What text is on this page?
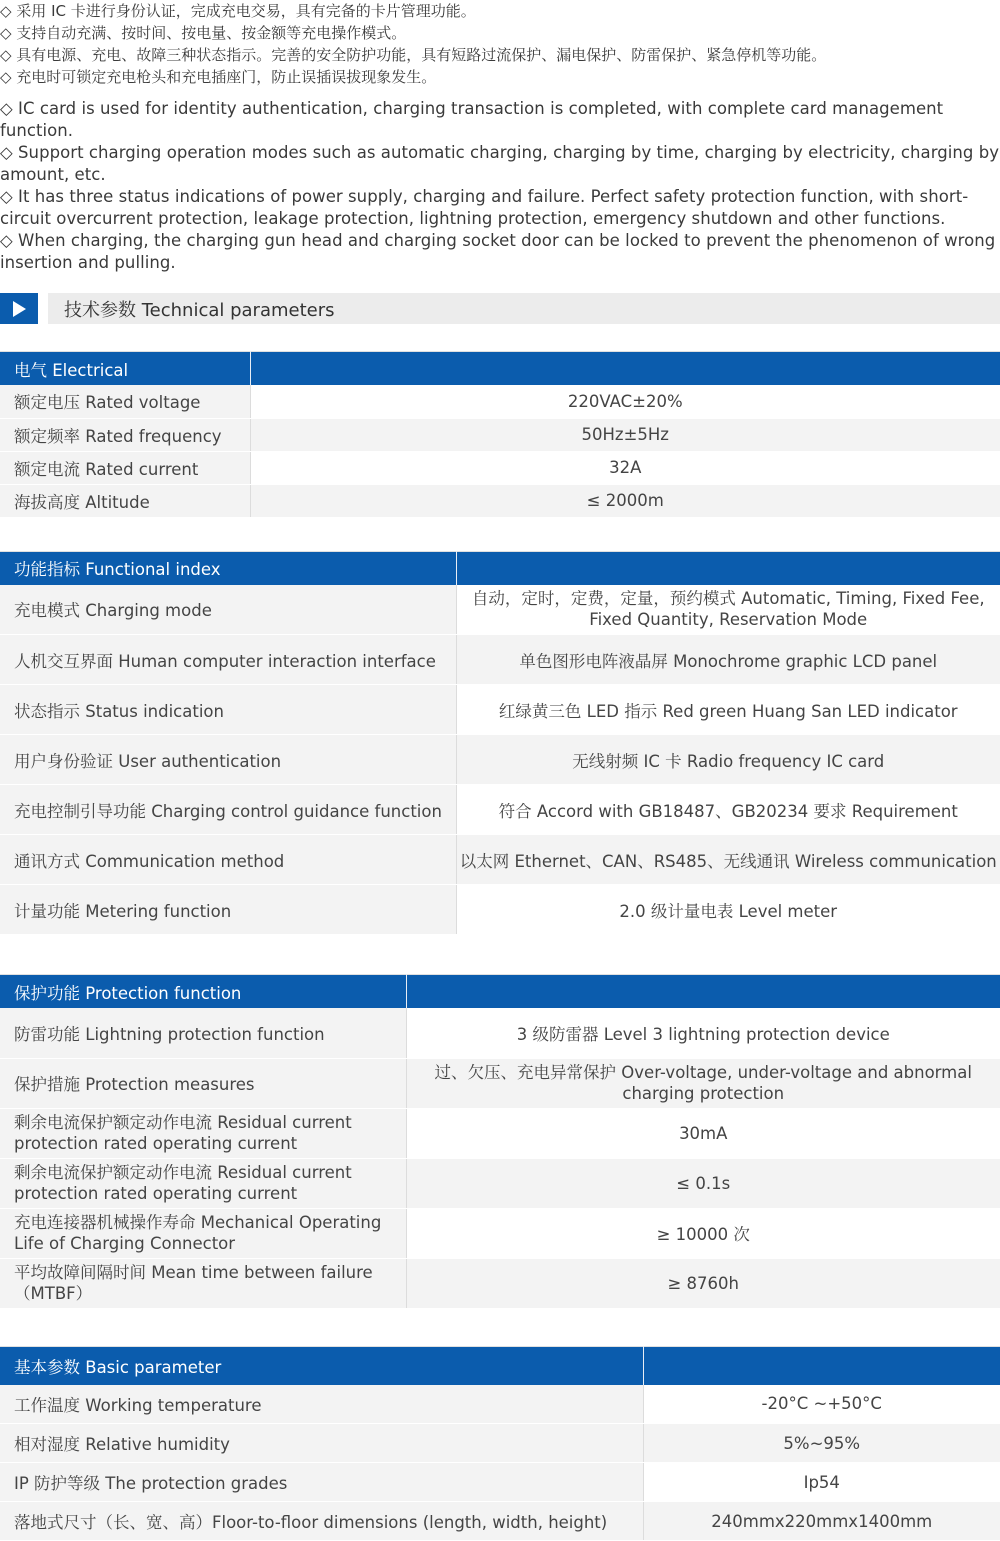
◇ 采用 IC 卡进行身份认证，完成充电交易，具有完备的卡片管理功能。

◇ 支持自动充满、按时间、按电量、按金额等充电操作模式。

◇ 具有电源、充电、故障三种状态指示。完善的安全防护功能，具有短路过流保护、漏电保护、防雷保护、紧急停机等功能。

◇ 充电时可锁定充电枪头和充电插座门，防止误插误拔现象发生。

◇ IC card is used for identity authentication, charging transaction is completed, with complete card management function.

◇ Support charging operation modes such as automatic charging, charging by time, charging by electricity, charging by amount, etc.

◇ It has three status indications of power supply, charging and failure. Perfect safety protection function, with short-circuit overcurrent protection, leakage protection, lightning protection, emergency shutdown and other functions.

◇ When charging, the charging gun head and charging socket door can be locked to prevent the phenomenon of wrong insertion and pulling.

技术参数 Technical parameters
电气 Electrical	
额定电压 Rated voltage	220VAC±20%
额定频率 Rated frequency	50Hz±5Hz
额定电流 Rated current	32A
海拔高度 Altitude	≤ 2000m
功能指标 Functional index	
充电模式 Charging mode	自动，定时，定费，定量，预约模式 Automatic, Timing, Fixed Fee, Fixed Quantity, Reservation Mode

人机交互界面 Human computer interaction interface	单色图形电阵液晶屏 Monochrome graphic LCD panel
状态指示 Status indication	红绿黄三色 LED 指示 Red green Huang San LED indicator
用户身份验证 User authentication	无线射频 IC 卡 Radio frequency IC card
充电控制引导功能 Charging control guidance function	符合 Accord with GB18487、GB20234 要求 Requirement
通讯方式 Communication method	以太网 Ethernet、CAN、RS485、无线通讯 Wireless communication
计量功能 Metering function	2.0 级计量电表 Level meter
保护功能 Protection function	
防雷功能 Lightning protection function	3 级防雷器 Level 3 lightning protection device
保护措施 Protection measures	过、欠压、充电异常保护 Over-voltage, under-voltage and abnormal charging protection

剩余电流保护额定动作电流 Residual current protection rated operating current	30mA

剩余电流保护额定动作电流 Residual current protection rated operating current	≤ 0.1s

充电连接器机械操作寿命 Mechanical Operating Life of Charging Connector	≥ 10000 次

平均故障间隔时间 Mean time between failure（MTBF）	≥ 8760h
基本参数 Basic parameter	
工作温度 Working temperature	-20°C ~+50°C
相对湿度 Relative humidity	5%~95%
IP 防护等级 The protection grades	Ip54
落地式尺寸（长、宽、高）Floor-to-floor dimensions (length, width, height)	240mmx220mmx1400mm
